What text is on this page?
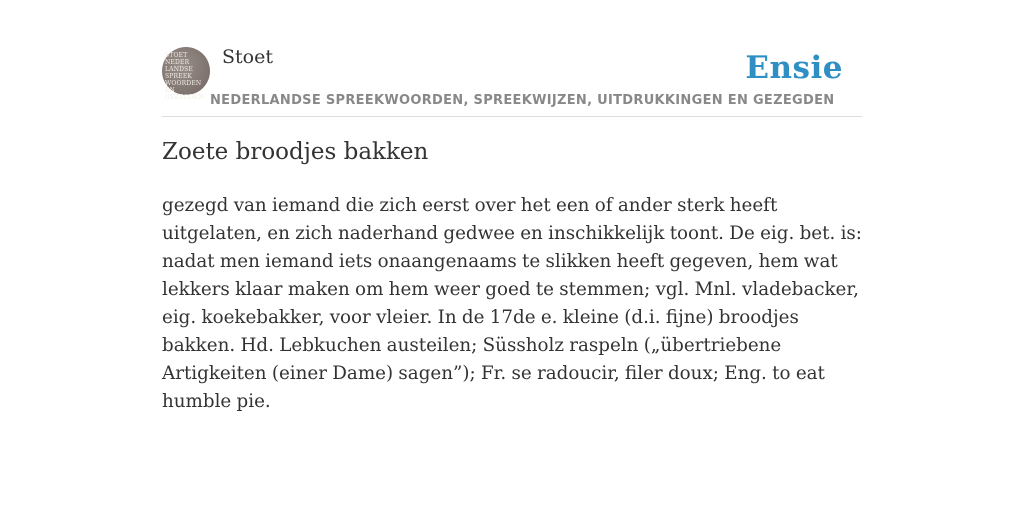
STOET
NEDER
LANDSE
SPREEK
WOORDEN EN
GEZEGDEN
Stoet
NEDERLANDSE SPREEKWOORDEN, SPREEKWIJZEN, UITDRUKKINGEN EN GEZEGDEN
Ensie
Zoete broodjes bakken

gezegd van iemand die zich eerst over het een of ander sterk heeft uitgelaten, en zich naderhand gedwee en inschikkelijk toont. De eig. bet. is: nadat men iemand iets onaangenaams te slikken heeft gegeven, hem wat lekkers klaar maken om hem weer goed te stemmen; vgl. Mnl. vladebacker, eig. koekebakker, voor vleier. In de 17de e. kleine (d.i. fijne) broodjes bakken. Hd. Lebkuchen austeilen; Süssholz raspeln („übertriebene Artigkeiten (einer Dame) sagen”); Fr. se radoucir, filer doux; Eng. to eat humble pie.
